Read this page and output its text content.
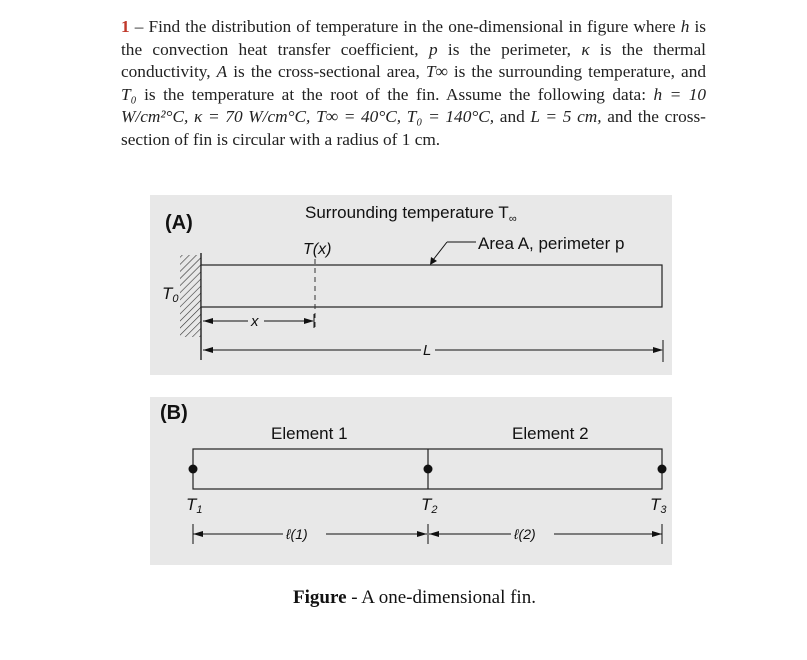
1 – Find the distribution of temperature in the one-dimensional in figure where h is the convection heat transfer coefficient, p is the perimeter, κ is the thermal conductivity, A is the cross-sectional area, T∞ is the surrounding temperature, and T₀ is the temperature at the root of the fin. Assume the following data: h = 10 W/cm²°C, κ = 70 W/cm°C, T∞ = 40°C, T₀ = 140°C, and L = 5 cm, and the cross-section of fin is circular with a radius of 1 cm.
(A)	Surrounding temperature $T_\infty$
T(x)	Area A, perimeter p
T0
x
L
(B)
Element 1	Element 2
T1	T2	T3
ℓ(1)	ℓ(2)
Figure - A one-dimensional fin.
